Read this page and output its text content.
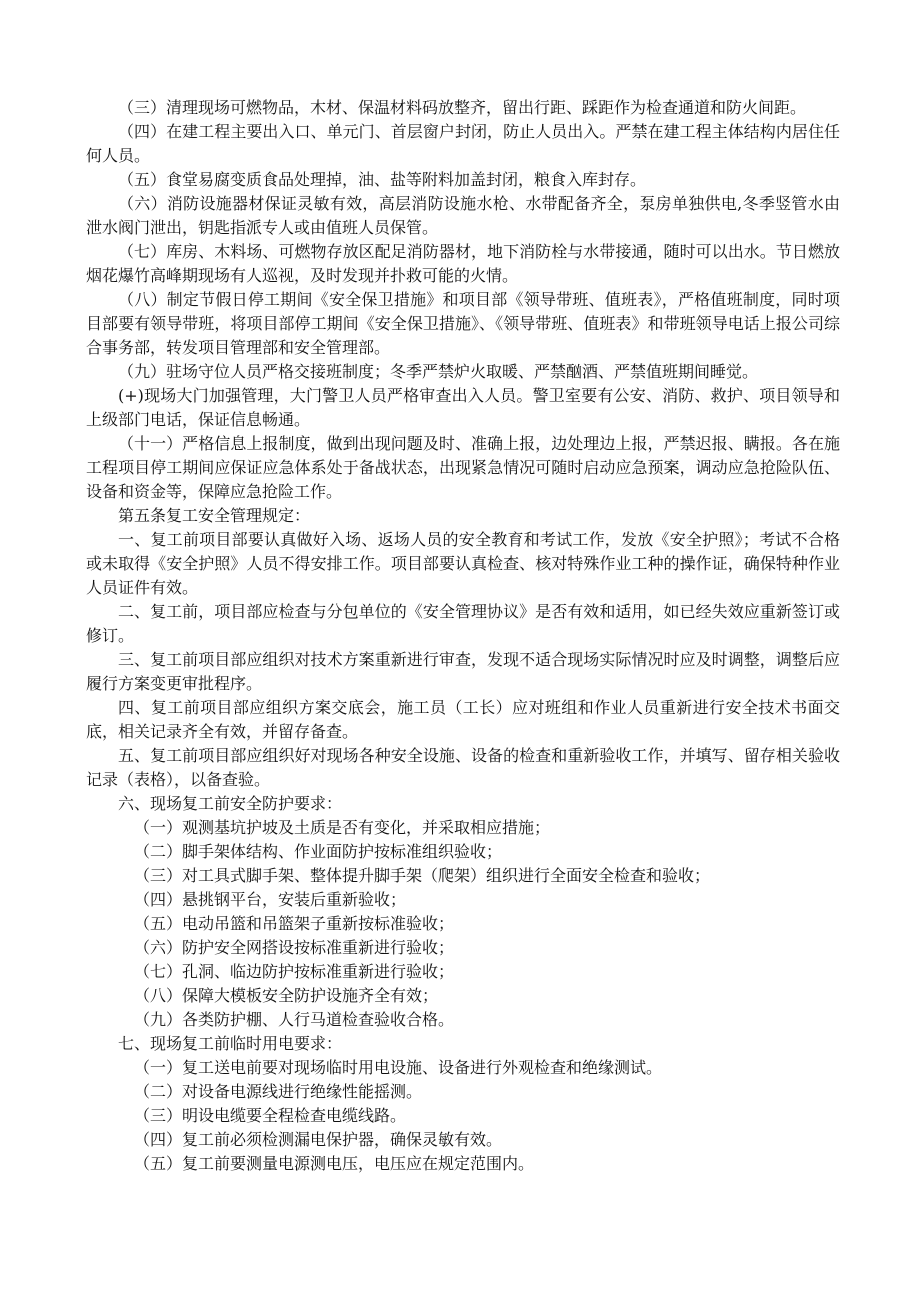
（三）清理现场可燃物品，木材、保温材料码放整齐，留出行距、踩距作为检查通道和防火间距。

（四）在建工程主要出入口、单元门、首层窗户封闭，防止人员出入。严禁在建工程主体结构内居住任何人员。

（五）食堂易腐变质食品处理掉，油、盐等附料加盖封闭，粮食入库封存。

（六）消防设施器材保证灵敏有效，高层消防设施水枪、水带配备齐全，泵房单独供电,冬季竖管水由泄水阀门泄出，钥匙指派专人或由值班人员保管。

（七）库房、木料场、可燃物存放区配足消防器材，地下消防栓与水带接通，随时可以出水。节日燃放烟花爆竹高峰期现场有人巡视，及时发现并扑救可能的火情。

（八）制定节假日停工期间《安全保卫措施》和项目部《领导带班、值班表》，严格值班制度，同时项目部要有领导带班，将项目部停工期间《安全保卫措施》、《领导带班、值班表》和带班领导电话上报公司综合事务部，转发项目管理部和安全管理部。

（九）驻场守位人员严格交接班制度；冬季严禁炉火取暖、严禁酗酒、严禁值班期间睡觉。

(+)现场大门加强管理，大门警卫人员严格审查出入人员。警卫室要有公安、消防、救护、项目领导和上级部门电话，保证信息畅通。

（十一）严格信息上报制度，做到出现问题及时、准确上报，边处理边上报，严禁迟报、瞒报。各在施工程项目停工期间应保证应急体系处于备战状态，出现紧急情况可随时启动应急预案，调动应急抢险队伍、设备和资金等，保障应急抢险工作。

第五条复工安全管理规定：

一、复工前项目部要认真做好入场、返场人员的安全教育和考试工作，发放《安全护照》；考试不合格或未取得《安全护照》人员不得安排工作。项目部要认真检查、核对特殊作业工种的操作证，确保特种作业人员证件有效。

二、复工前，项目部应检查与分包单位的《安全管理协议》是否有效和适用，如已经失效应重新签订或修订。

三、复工前项目部应组织对技术方案重新进行审查，发现不适合现场实际情况时应及时调整，调整后应履行方案变更审批程序。

四、复工前项目部应组织方案交底会，施工员（工长）应对班组和作业人员重新进行安全技术书面交底，相关记录齐全有效，并留存备查。

五、复工前项目部应组织好对现场各种安全设施、设备的检查和重新验收工作，并填写、留存相关验收记录（表格），以备查验。

六、现场复工前安全防护要求：

（一）观测基坑护坡及土质是否有变化，并采取相应措施；

（二）脚手架体结构、作业面防护按标准组织验收；

（三）对工具式脚手架、整体提升脚手架（爬架）组织进行全面安全检查和验收；

（四）悬挑钢平台，安装后重新验收；

（五）电动吊篮和吊篮架子重新按标准验收；

（六）防护安全网搭设按标准重新进行验收；

（七）孔洞、临边防护按标准重新进行验收；

（八）保障大模板安全防护设施齐全有效；

（九）各类防护棚、人行马道检查验收合格。

七、现场复工前临时用电要求：

（一）复工送电前要对现场临时用电设施、设备进行外观检查和绝缘测试。

（二）对设备电源线进行绝缘性能摇测。

（三）明设电缆要全程检查电缆线路。

（四）复工前必须检测漏电保护器，确保灵敏有效。

（五）复工前要测量电源测电压，电压应在规定范围内。
